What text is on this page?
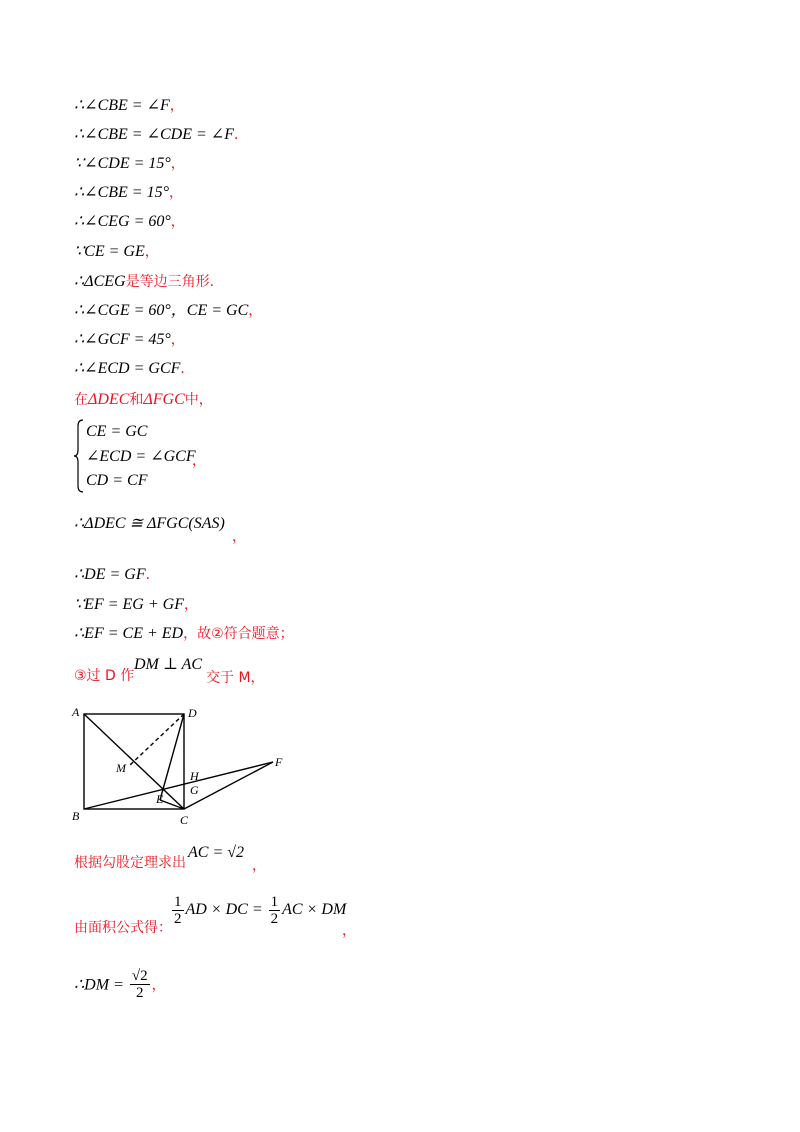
∴∠CBE = ∠F，
∴∠CBE = ∠CDE = ∠F．
∵∠CDE = 15°，
∴∠CBE = 15°，
∴∠CEG = 60°，
∵CE = GE，
∴ΔCEG是等边三角形.
∴∠CGE = 60°，CE = GC，
∴∠GCF = 45°，
∴∠ECD = GCF．
在ΔDEC和ΔFGC中，
CE = GC
∠ECD = ∠GCF
CD = CF
，
∴ΔDEC ≅ ΔFGC(SAS)
，
∴DE = GF．
∵EF = EG + GF，
∴EF = CE + ED，故②符合题意；
③过 D 作
DM ⊥ AC
交于 M，
A
B	C
D
E
F
G
H
M
根据勾股定理求出
AC = √2
，
由面积公式得：
$\frac{1}{2}$ AD × DC = $\frac{1}{2}$ AC × DM
，
∴DM = $\frac{√2}{2}$ ，
